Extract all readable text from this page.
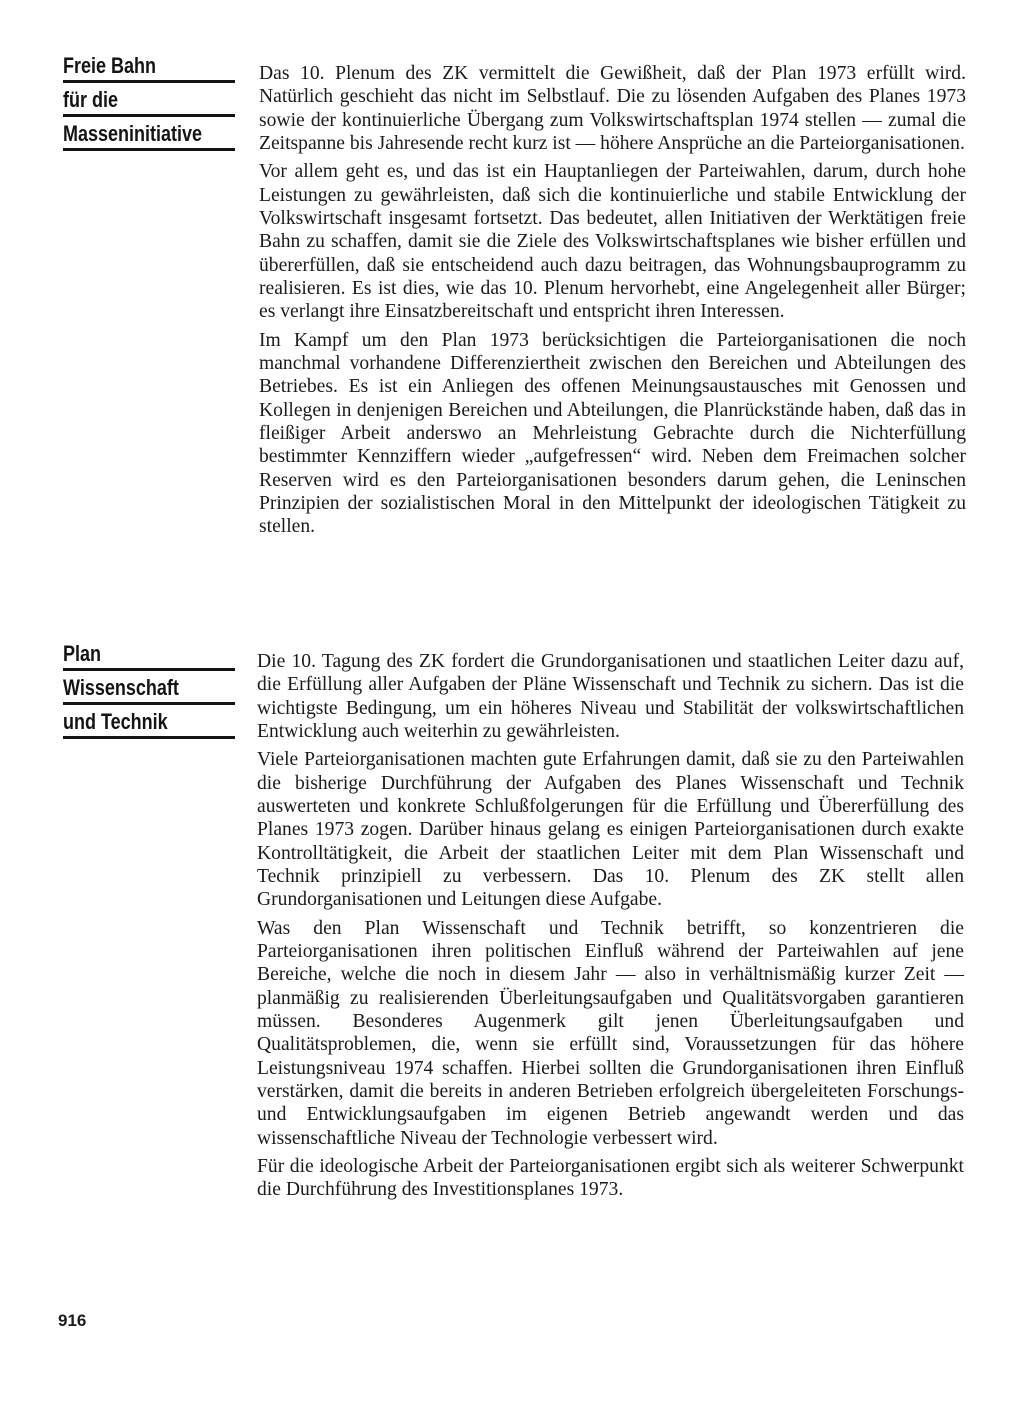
Freie Bahn
für die
Masseninitiative

Das 10. Plenum des ZK vermittelt die Gewißheit, daß der Plan 1973 erfüllt wird. Natürlich geschieht das nicht im Selbstlauf. Die zu lösenden Aufgaben des Planes 1973 sowie der kontinuierliche Übergang zum Volkswirtschaftsplan 1974 stellen — zumal die Zeitspanne bis Jahresende recht kurz ist — höhere Ansprüche an die Parteiorganisationen.

Vor allem geht es, und das ist ein Hauptanliegen der Parteiwahlen, darum, durch hohe Leistungen zu gewährleisten, daß sich die kontinuierliche und stabile Entwicklung der Volkswirtschaft insgesamt fortsetzt. Das bedeutet, allen Initiativen der Werktätigen freie Bahn zu schaffen, damit sie die Ziele des Volkswirtschaftsplanes wie bisher erfüllen und übererfüllen, daß sie entscheidend auch dazu beitragen, das Wohnungsbauprogramm zu realisieren. Es ist dies, wie das 10. Plenum hervorhebt, eine Angelegenheit aller Bürger; es verlangt ihre Einsatzbereitschaft und entspricht ihren Interessen.

Im Kampf um den Plan 1973 berücksichtigen die Parteiorganisationen die noch manchmal vorhandene Differenziertheit zwischen den Bereichen und Abteilungen des Betriebes. Es ist ein Anliegen des offenen Meinungsaustausches mit Genossen und Kollegen in denjenigen Bereichen und Abteilungen, die Planrückstände haben, daß das in fleißiger Arbeit anderswo an Mehrleistung Gebrachte durch die Nichterfüllung bestimmter Kennziffern wieder „aufgefressen“ wird. Neben dem Freimachen solcher Reserven wird es den Parteiorganisationen besonders darum gehen, die Leninschen Prinzipien der sozialistischen Moral in den Mittelpunkt der ideologischen Tätigkeit zu stellen.

Plan
Wissenschaft
und Technik

Die 10. Tagung des ZK fordert die Grundorganisationen und staatlichen Leiter dazu auf, die Erfüllung aller Aufgaben der Pläne Wissenschaft und Technik zu sichern. Das ist die wichtigste Bedingung, um ein höheres Niveau und Stabilität der volkswirtschaftlichen Entwicklung auch weiterhin zu gewährleisten.

Viele Parteiorganisationen machten gute Erfahrungen damit, daß sie zu den Parteiwahlen die bisherige Durchführung der Aufgaben des Planes Wissenschaft und Technik auswerteten und konkrete Schlußfolgerungen für die Erfüllung und Übererfüllung des Planes 1973 zogen. Darüber hinaus gelang es einigen Parteiorganisationen durch exakte Kontrolltätigkeit, die Arbeit der staatlichen Leiter mit dem Plan Wissenschaft und Technik prinzipiell zu verbessern. Das 10. Plenum des ZK stellt allen Grundorganisationen und Leitungen diese Aufgabe.

Was den Plan Wissenschaft und Technik betrifft, so konzentrieren die Parteiorganisationen ihren politischen Einfluß während der Parteiwahlen auf jene Bereiche, welche die noch in diesem Jahr — also in verhältnismäßig kurzer Zeit — planmäßig zu realisierenden Überleitungsaufgaben und Qualitätsvorgaben garantieren müssen. Besonderes Augenmerk gilt jenen Überleitungsaufgaben und Qualitätsproblemen, die, wenn sie erfüllt sind, Voraussetzungen für das höhere Leistungsniveau 1974 schaffen. Hierbei sollten die Grundorganisationen ihren Einfluß verstärken, damit die bereits in anderen Betrieben erfolgreich übergeleiteten Forschungs- und Entwicklungsaufgaben im eigenen Betrieb angewandt werden und das wissenschaftliche Niveau der Technologie verbessert wird.

Für die ideologische Arbeit der Parteiorganisationen ergibt sich als weiterer Schwerpunkt die Durchführung des Investitionsplanes 1973.

916
